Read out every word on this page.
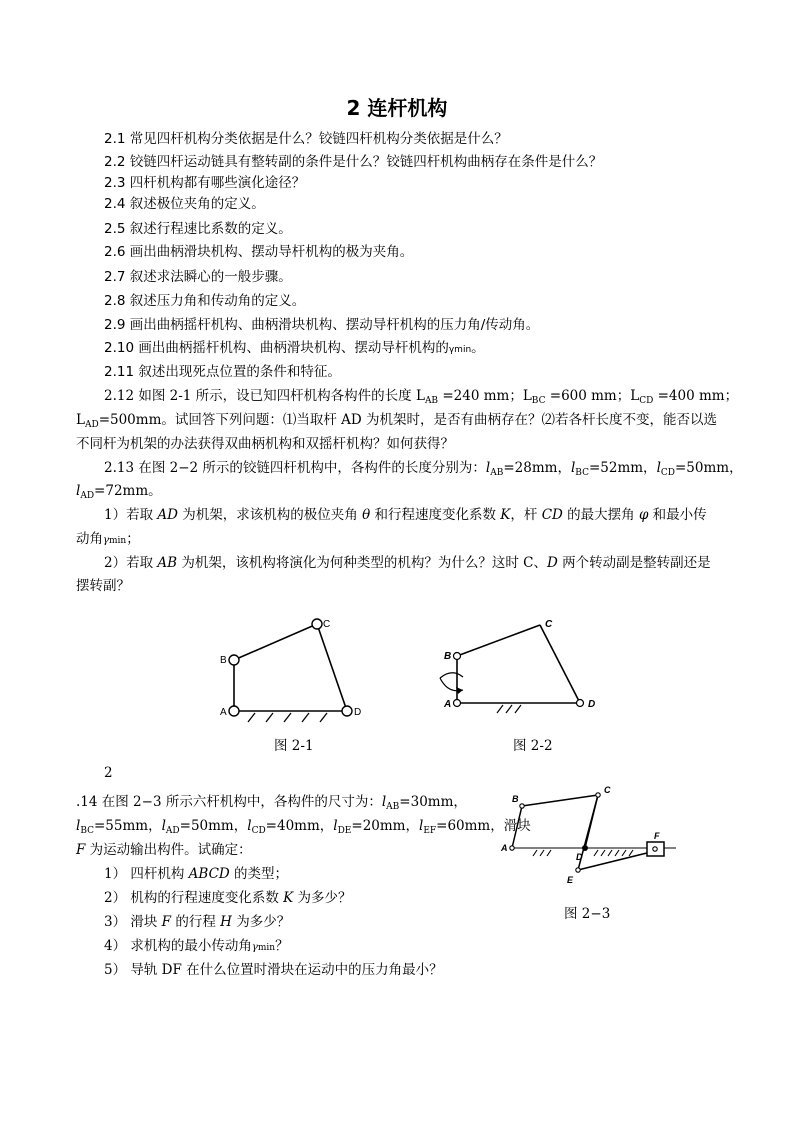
2 连杆机构
2.1 常见四杆机构分类依据是什么？铰链四杆机构分类依据是什么？
2.2 铰链四杆运动链具有整转副的条件是什么？铰链四杆机构曲柄存在条件是什么？
2.3 四杆机构都有哪些演化途径？
2.4 叙述极位夹角的定义。
2.5 叙述行程速比系数的定义。
2.6 画出曲柄滑块机构、摆动导杆机构的极为夹角。
2.7 叙述求法瞬心的一般步骤。
2.8 叙述压力角和传动角的定义。
2.9 画出曲柄摇杆机构、曲柄滑块机构、摆动导杆机构的压力角/传动角。
2.10 画出曲柄摇杆机构、曲柄滑块机构、摆动导杆机构的γmin。
2.11 叙述出现死点位置的条件和特征。
2.12 如图 2-1 所示，设已知四杆机构各构件的长度 $L_{AB} =240$ mm；$L_{BC} =600$ mm；$L_{CD} =400$ mm；
$L_{AD}=500mm$。试回答下列问题：⑴当取杆 AD 为机架时，是否有曲柄存在？⑵若各杆长度不变，能否以选
不同杆为机架的办法获得双曲柄机构和双摇杆机构？如何获得？
2.13 在图 2−2 所示的铰链四杆机构中，各构件的长度分别为：$l_{AB}=28mm$，$l_{BC}=52mm$，$l_{CD}=50mm$，
$l_{AD}=72mm$。
1）若取 AD 为机架，求该机构的极位夹角 θ 和行程速度变化系数 K，杆 CD 的最大摆角 φ 和最小传
动角γmin；
2）若取 AB 为机架，该机构将演化为何种类型的机构？为什么？这时 C、D 两个转动副是整转副还是
摆转副？
A
B
C
D
A
B
C
D
A
B
C
D
E
F
图 2-1	图 2-2
图 2−3
2
.14 在图 2−3 所示六杆机构中，各构件的尺寸为：$l_{AB}=30mm$，
$l_{BC}=55mm$，$l_{AD}=50mm$，$l_{CD}=40mm$，$l_{DE}=20mm$，$l_{EF}=60mm$，滑块
F 为运动输出构件。试确定：
1） 四杆机构 ABCD 的类型；
2） 机构的行程速度变化系数 K 为多少？
3） 滑块 F 的行程 H 为多少？
4） 求机构的最小传动角γmin？
5） 导轨 DF 在什么位置时滑块在运动中的压力角最小？
